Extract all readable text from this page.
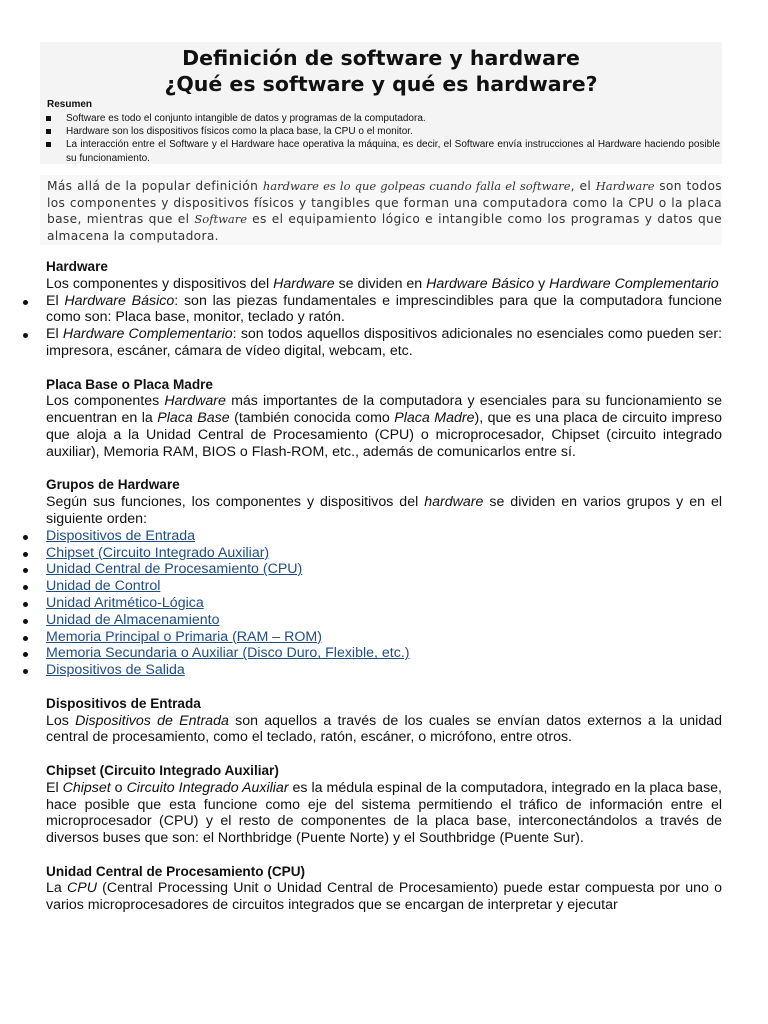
Definición de software y hardware
¿Qué es software y qué es hardware?
Resumen
Software es todo el conjunto intangible de datos y programas de la computadora.
Hardware son los dispositivos físicos como la placa base, la CPU o el monitor.
La interacción entre el Software y el Hardware hace operativa la máquina, es decir, el Software envía instrucciones al Hardware haciendo posible su funcionamiento.
Más allá de la popular definición hardware es lo que golpeas cuando falla el software, el Hardware son todos los componentes y dispositivos físicos y tangibles que forman una computadora como la CPU o la placa base, mientras que el Software es el equipamiento lógico e intangible como los programas y datos que almacena la computadora.
Hardware

Los componentes y dispositivos del Hardware se dividen en Hardware Básico y Hardware Complementario

El Hardware Básico: son las piezas fundamentales e imprescindibles para que la computadora funcione como son: Placa base, monitor, teclado y ratón.
El Hardware Complementario: son todos aquellos dispositivos adicionales no esenciales como pueden ser: impresora, escáner, cámara de vídeo digital, webcam, etc.
Placa Base o Placa Madre

Los componentes Hardware más importantes de la computadora y esenciales para su funcionamiento se encuentran en la Placa Base (también conocida como Placa Madre), que es una placa de circuito impreso que aloja a la Unidad Central de Procesamiento (CPU) o microprocesador, Chipset (circuito integrado auxiliar), Memoria RAM, BIOS o Flash-ROM, etc., además de comunicarlos entre sí.

Grupos de Hardware

Según sus funciones, los componentes y dispositivos del hardware se dividen en varios grupos y en el siguiente orden:

Dispositivos de Entrada
Chipset (Circuito Integrado Auxiliar)
Unidad Central de Procesamiento (CPU)
Unidad de Control
Unidad Aritmético-Lógica
Unidad de Almacenamiento
Memoria Principal o Primaria (RAM – ROM)
Memoria Secundaria o Auxiliar (Disco Duro, Flexible, etc.)
Dispositivos de Salida
Dispositivos de Entrada

Los Dispositivos de Entrada son aquellos a través de los cuales se envían datos externos a la unidad central de procesamiento, como el teclado, ratón, escáner, o micrófono, entre otros.

Chipset (Circuito Integrado Auxiliar)

El Chipset o Circuito Integrado Auxiliar es la médula espinal de la computadora, integrado en la placa base, hace posible que esta funcione como eje del sistema permitiendo el tráfico de información entre el microprocesador (CPU) y el resto de componentes de la placa base, interconectándolos a través de diversos buses que son: el Northbridge (Puente Norte) y el Southbridge (Puente Sur).

Unidad Central de Procesamiento (CPU)

La CPU (Central Processing Unit o Unidad Central de Procesamiento) puede estar compuesta por uno o varios microprocesadores de circuitos integrados que se encargan de interpretar y ejecutar
